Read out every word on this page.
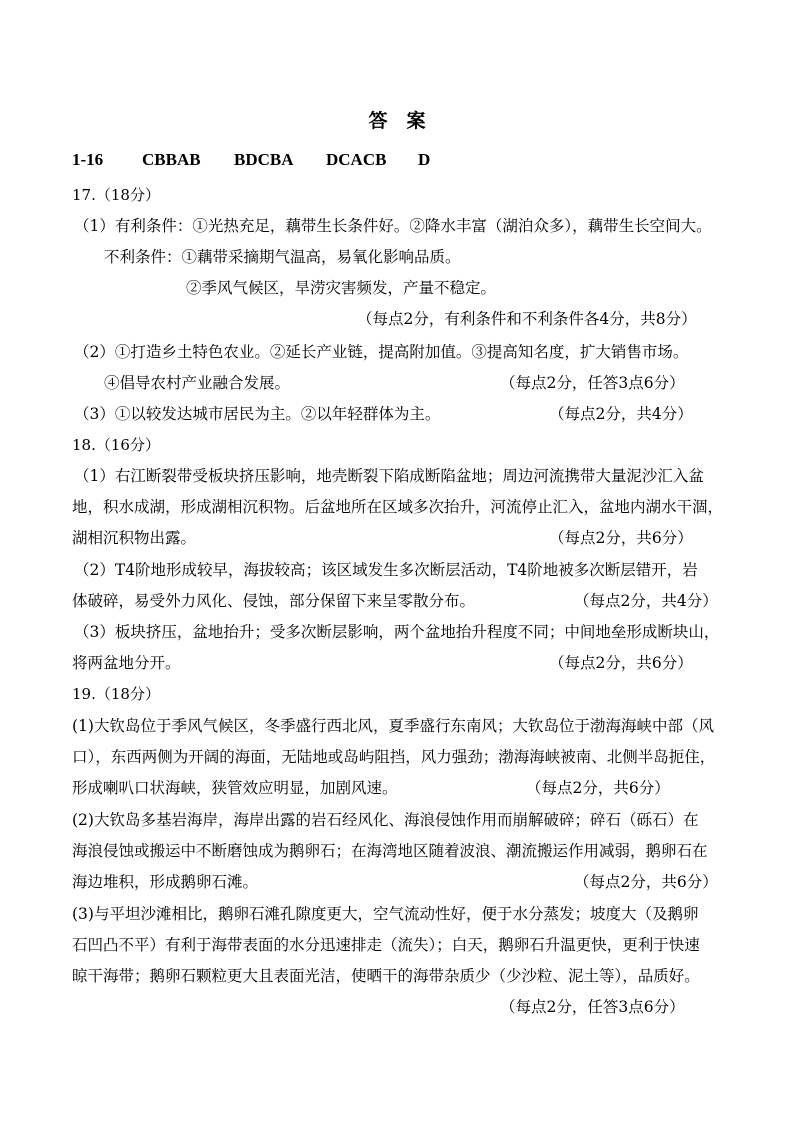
答　案
1-16 CBBAB BDCBA DCACB D
17.（18分）
（1）有利条件：①光热充足，藕带生长条件好。②降水丰富（湖泊众多），藕带生长空间大。
不利条件：①藕带采摘期气温高，易氧化影响品质。
②季风气候区，旱涝灾害频发，产量不稳定。
（每点2分，有利条件和不利条件各4分，共8分）
（2）①打造乡土特色农业。②延长产业链，提高附加值。③提高知名度，扩大销售市场。
④倡导农村产业融合发展。	（每点2分，任答3点6分）
（3）①以较发达城市居民为主。②以年轻群体为主。	（每点2分，共4分）
18.（16分）
（1）右江断裂带受板块挤压影响，地壳断裂下陷成断陷盆地；周边河流携带大量泥沙汇入盆
地，积水成湖，形成湖相沉积物。后盆地所在区域多次抬升，河流停止汇入，盆地内湖水干涸，
湖相沉积物出露。	（每点2分，共6分）
（2）T4阶地形成较早，海拔较高；该区域发生多次断层活动，T4阶地被多次断层错开，岩
体破碎，易受外力风化、侵蚀，部分保留下来呈零散分布。	（每点2分，共4分）
（3）板块挤压，盆地抬升；受多次断层影响，两个盆地抬升程度不同；中间地垒形成断块山，
将两盆地分开。	（每点2分，共6分）
19.（18分）
(1)大钦岛位于季风气候区，冬季盛行西北风，夏季盛行东南风；大钦岛位于渤海海峡中部（风
口），东西两侧为开阔的海面，无陆地或岛屿阻挡，风力强劲；渤海海峡被南、北侧半岛扼住，
形成喇叭口状海峡，狭管效应明显，加剧风速。	（每点2分，共6分）
(2)大钦岛多基岩海岸，海岸出露的岩石经风化、海浪侵蚀作用而崩解破碎；碎石（砾石）在
海浪侵蚀或搬运中不断磨蚀成为鹅卵石；在海湾地区随着波浪、潮流搬运作用减弱，鹅卵石在
海边堆积，形成鹅卵石滩。	（每点2分，共6分）
(3)与平坦沙滩相比，鹅卵石滩孔隙度更大，空气流动性好，便于水分蒸发；坡度大（及鹅卵
石凹凸不平）有利于海带表面的水分迅速排走（流失）；白天，鹅卵石升温更快，更利于快速
晾干海带；鹅卵石颗粒更大且表面光洁，使晒干的海带杂质少（少沙粒、泥土等），品质好。
（每点2分，任答3点6分）
